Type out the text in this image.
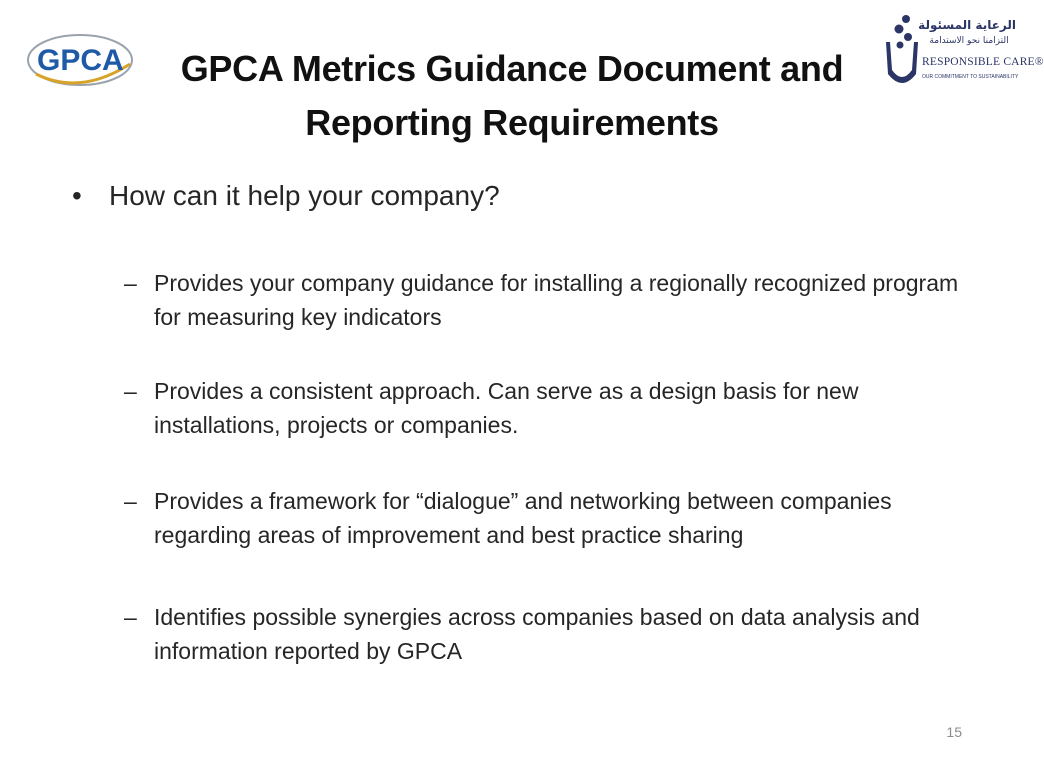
GPCA	GPCA Metrics Guidance Document and
Reporting Requirements
الرعاية المسئولة
التزامنا نحو الاستدامة
RESPONSIBLE CARE®
OUR COMMITMENT TO SUSTAINABILITY
• How can it help your company?
– Provides your company guidance for installing a regionally recognized program for measuring key indicators
– Provides a consistent approach. Can serve as a design basis for new installations, projects or companies.
– Provides a framework for “dialogue” and networking between companies regarding areas of improvement and best practice sharing
– Identifies possible synergies across companies based on data analysis and information reported by GPCA
15
